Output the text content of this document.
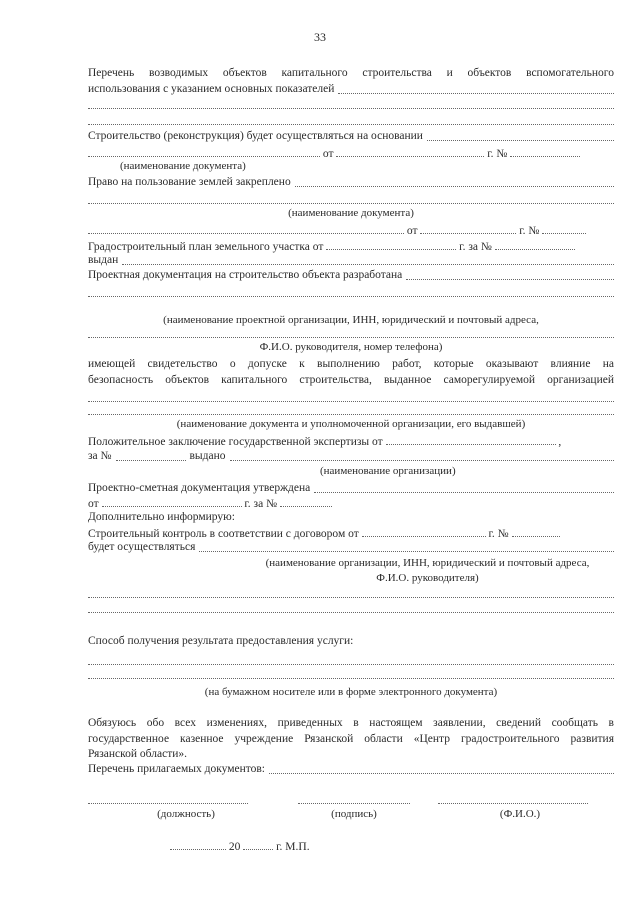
33
Перечень возводимых объектов капитального строительства и объектов вспомогательного
использования с указанием основных показателей
Строительство (реконструкция) будет осуществляться на основании
от	г. №
(наименование документа)
Право на пользование землей закреплено
(наименование документа)
от	г. №
Градостроительный план земельного участка от	г. за №
выдан
Проектная документация на строительство объекта разработана
(наименование проектной организации, ИНН, юридический и почтовый адреса,
Ф.И.О. руководителя, номер телефона)
имеющей свидетельство о допуске к выполнению работ, которые оказывают влияние на
безопасность объектов капитального строительства, выданное саморегулируемой организацией
(наименование документа и уполномоченной организации, его выдавшей)
Положительное заключение государственной экспертизы от	,
за №	выдано
(наименование организации)
Проектно-сметная документация утверждена
от	г. за №
Дополнительно информирую:
Строительный контроль в соответствии с договором от	г. №
будет осуществляться
(наименование организации, ИНН, юридический и почтовый адреса,
Ф.И.О. руководителя)
Способ получения результата предоставления услуги:
(на бумажном носителе или в форме электронного документа)
Обязуюсь обо всех изменениях, приведенных в настоящем заявлении, сведений сообщать в
государственное казенное учреждение Рязанской области «Центр градостроительного развития
Рязанской области».
Перечень прилагаемых документов:
(должность)	(подпись)	(Ф.И.О.)
20	г. М.П.
